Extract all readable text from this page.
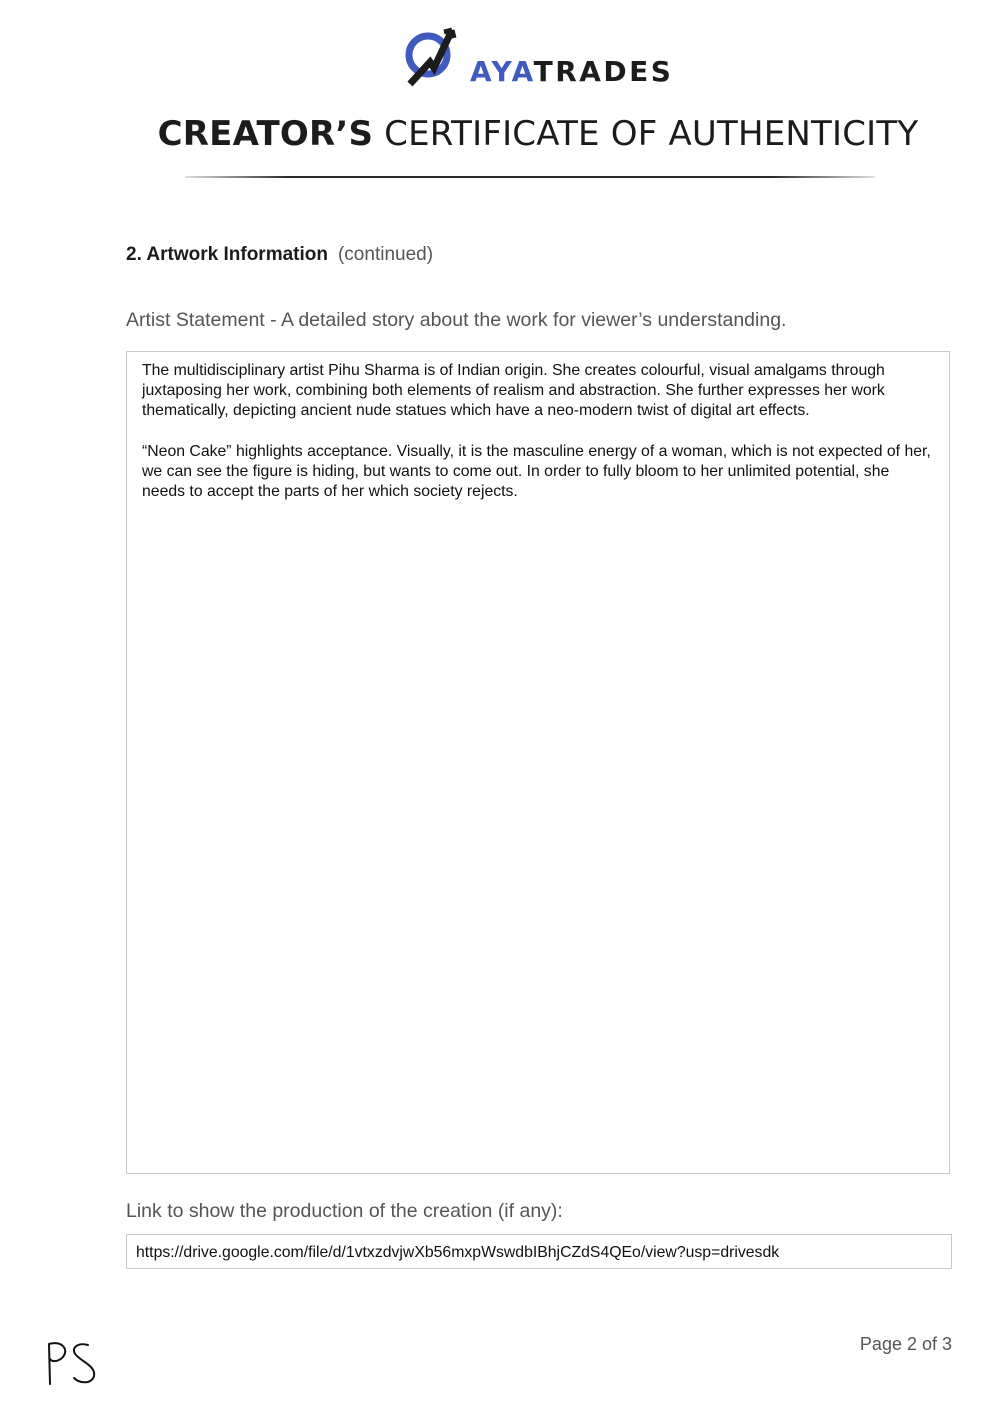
AYATRADES
CREATOR’S CERTIFICATE OF AUTHENTICITY
2. Artwork Information (continued)
Artist Statement - A detailed story about the work for viewer’s understanding.

The multidisciplinary artist Pihu Sharma is of Indian origin. She creates colourful, visual amalgams through juxtaposing her work, combining both elements of realism and abstraction. She further expresses her work thematically, depicting ancient nude statues which have a neo-modern twist of digital art effects.

“Neon Cake” highlights acceptance. Visually, it is the masculine energy of a woman, which is not expected of her, we can see the figure is hiding, but wants to come out. In order to fully bloom to her unlimited potential, she needs to accept the parts of her which society rejects.

Link to show the production of the creation (if any):
https://drive.google.com/file/d/1vtxzdvjwXb56mxpWswdbIBhjCZdS4QEo/view?usp=drivesdk
Page 2 of 3
